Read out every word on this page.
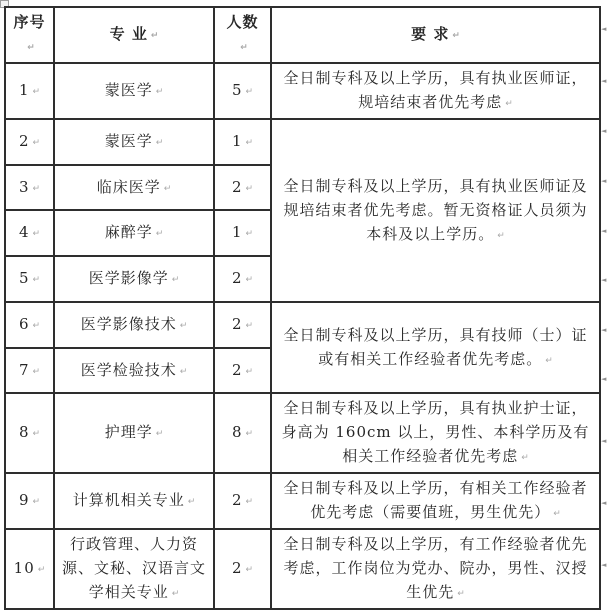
序号↵	专 业 ↵	人数↵	要 求 ↵
1 ↵	蒙医学 ↵	5 ↵	全日制专科及以上学历，具有执业医师证，规培结束者优先考虑 ↵
2 ↵	蒙医学 ↵	1 ↵	全日制专科及以上学历，具有执业医师证及规培结束者优先考虑。暂无资格证人员须为本科及以上学历。 ↵
3 ↵	临床医学 ↵	2 ↵	
4 ↵	麻醉学 ↵	1 ↵	
5 ↵	医学影像学 ↵	2 ↵	
6 ↵	医学影像技术 ↵	2 ↵	全日制专科及以上学历，具有技师（士）证或有相关工作经验者优先考虑。 ↵
7 ↵	医学检验技术 ↵	2 ↵	
8 ↵	护理学 ↵	8 ↵	全日制专科及以上学历，具有执业护士证，身高为 160cm 以上，男性、本科学历及有相关工作经验者优先考虑 ↵
9 ↵	计算机相关专业 ↵	2 ↵	全日制专科及以上学历，有相关工作经验者优先考虑（需要值班，男生优先） ↵
10 ↵	行政管理、人力资源、文秘、汉语言文学相关专业 ↵	2 ↵	全日制专科及以上学历，有工作经验者优先考虑，工作岗位为党办、院办，男性、汉授生优先 ↵
◄
◄
◄
◄
◄
◄
◄
◄
◄
◄
◄
